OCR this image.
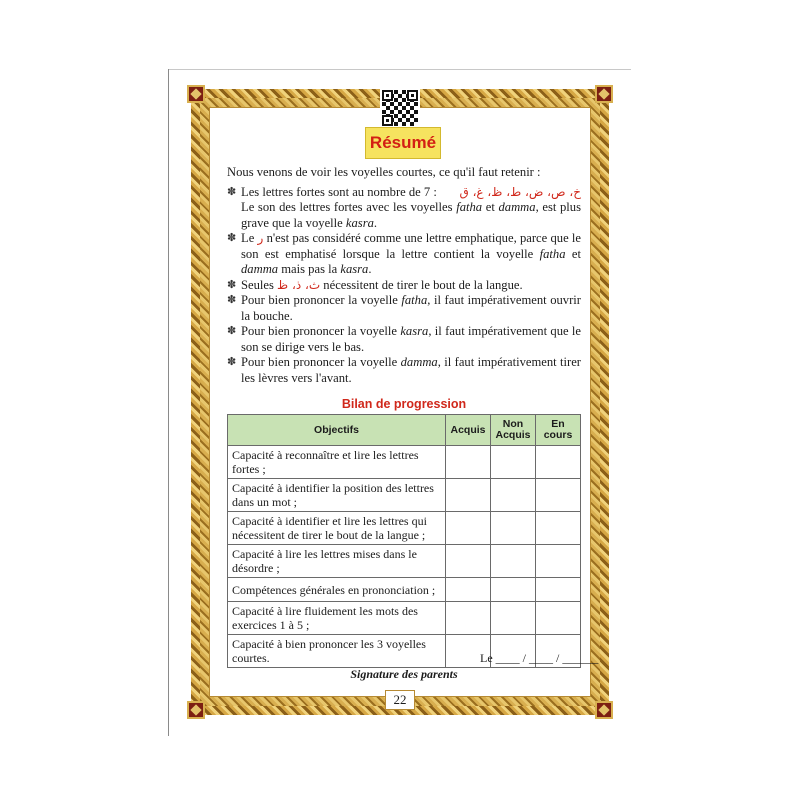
Résumé

Nous venons de voir les voyelles courtes, ce qu'il faut retenir :

✽	خ، ص، ض، ط، ظ، غ، ق
Les lettres fortes sont au nombre de 7 :
Le son des lettres fortes avec les voyelles fatha et damma, est plus grave que la voyelle kasra.
✽ Le ر n'est pas considéré comme une lettre emphatique, parce que le son est emphatisé lorsque la lettre contient la voyelle fatha et damma mais pas la kasra.
✽ Seules ث، ذ، ظ nécessitent de tirer le bout de la langue.
✽ Pour bien prononcer la voyelle fatha, il faut impérativement ouvrir la bouche.
✽ Pour bien prononcer la voyelle kasra, il faut impérativement que le son se dirige vers le bas.
✽ Pour bien prononcer la voyelle damma, il faut impérativement tirer les lèvres vers l'avant.
Bilan de progression
Objectifs	Acquis	Non Acquis	En cours
Capacité à reconnaître et lire les lettres fortes ;			
Capacité à identifier la position des lettres dans un mot ;			
Capacité à identifier et lire les lettres qui nécessitent de tirer le bout de la langue ;			
Capacité à lire les lettres mises dans le désordre ;			
Compétences générales en prononciation ;			
Capacité à lire fluidement les mots des exercices 1 à 5 ;			
Capacité à bien prononcer les 3 voyelles courtes.				Le ____ / ____ / ______
Signature des parents
22
